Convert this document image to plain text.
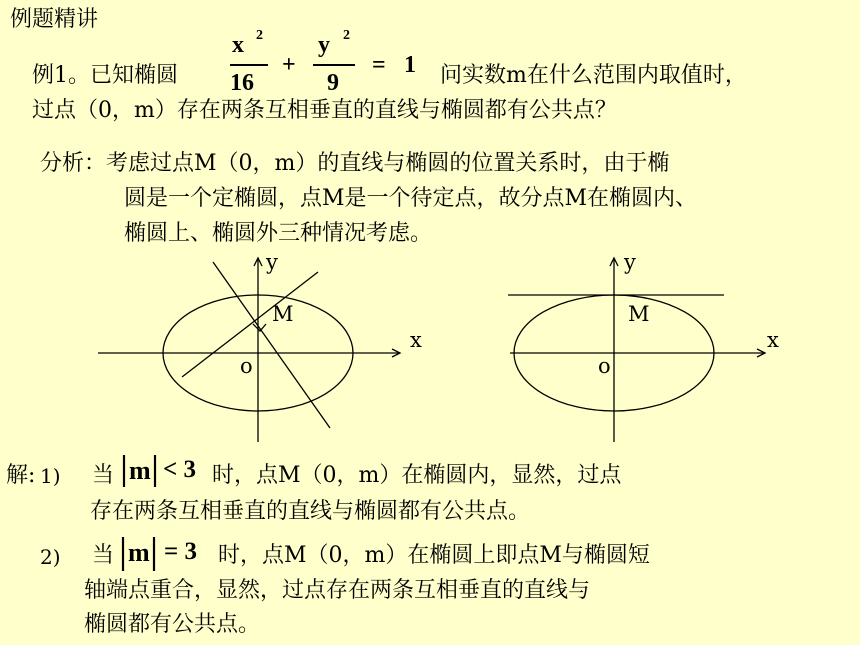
例题精讲
例1。已知椭圆
x 2
16
+
y 2
9
= 1 问实数m在什么范围内取值时，
过点（0，m）存在两条互相垂直的直线与椭圆都有公共点？
分析：考虑过点M（0，m）的直线与椭圆的位置关系时，由于椭
圆是一个定椭圆，点M是一个待定点，故分点M在椭圆内、
椭圆上、椭圆外三种情况考虑。
y
x
o
M
y
x
o
M
解: 1) 当 m < 3 时，点M（0，m）在椭圆内，显然，过点
存在两条互相垂直的直线与椭圆都有公共点。
2) 当 m = 3 时，点M（0，m）在椭圆上即点M与椭圆短
轴端点重合，显然，过点存在两条互相垂直的直线与
椭圆都有公共点。
